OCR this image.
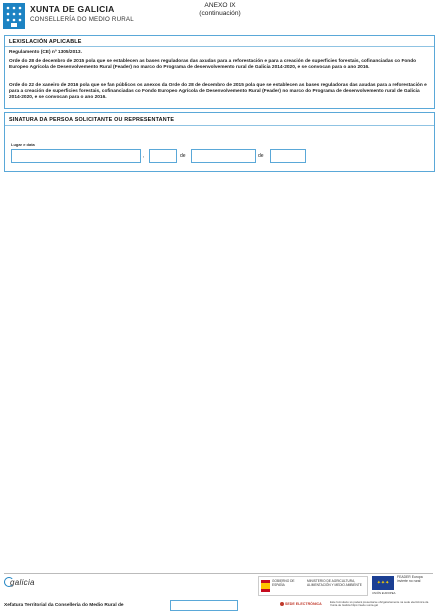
XUNTA DE GALICIA
CONSELLERÍA DO MEDIO RURAL
ANEXO IX
(continuación)
LEXISLACIÓN APLICABLE
Regulamento (CE) nº 1305/2013.
Orde do 28 de decembro de 2015 pola que se establecen as bases reguladoras das axudas para a reforestación e para a creación de superficies forestais, cofinanciadas co Fondo Europeo Agrícola de Desenvolvemento Rural (Feader) no marco do Programa de desenvolvemento rural de Galicia 2014-2020, e se convocan para o ano 2016.
Orde do 22 de xaneiro de 2016 pola que se fan públicos os anexos da Orde do 28 de decembro de 2015 pola que se establecen as bases reguladoras das axudas para a reforestación e para a creación de superficies forestais, cofinanciadas co Fondo Europeo Agrícola de Desenvolvemento Rural (Feader) no marco do Programa de desenvolvemento rural de Galicia 2014-2020, e se convocan para o ano 2016.
SINATURA DA PERSOA SOLICITANTE OU REPRESENTANTE
Lugar e data
,	de	de
galicia	GOBIERNO DE ESPAÑA
MINISTERIO DE AGRICULTURA, ALIMENTACIÓN Y MEDIO AMBIENTE	✦✦✦
FEADER Europa invierte no rural
UNIÓN EUROPEA
Xefatura Territorial da Consellería do Medio Rural de	SEDE ELECTRÓNICA	Este formulario só poderá presentarse obrigatoriamente na sede electrónica da Xunta de Galicia https://sede.xunta.gal
